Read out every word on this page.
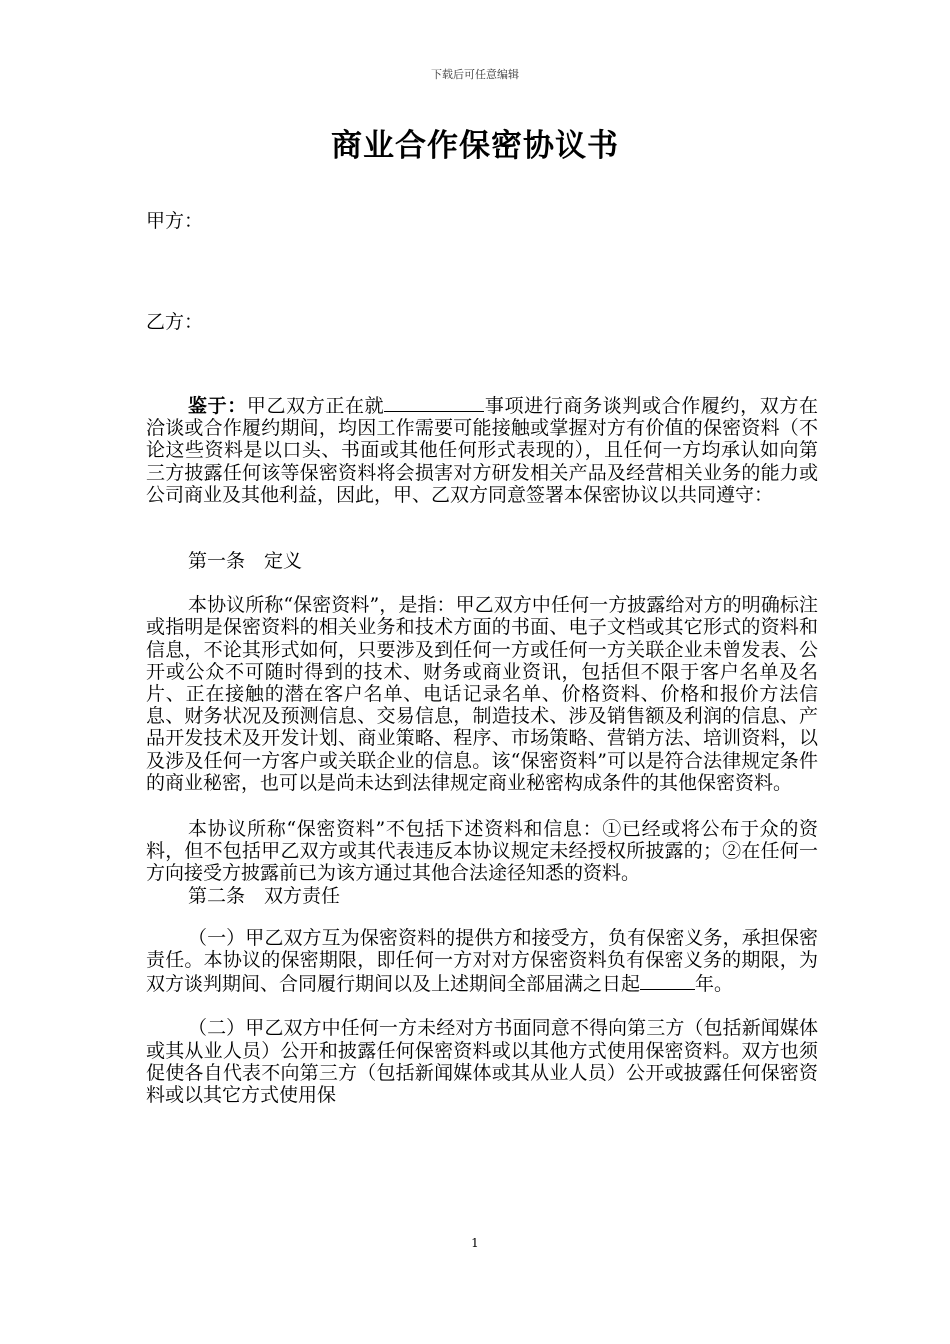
下载后可任意编辑
商业合作保密协议书
甲方：
乙方：

鉴于：甲乙双方正在就	事项进行商务谈判或合作履约，双方在洽谈或合作履约期间，均因工作需要可能接触或掌握对方有价值的保密资料（不论这些资料是以口头、书面或其他任何形式表现的），且任何一方均承认如向第三方披露任何该等保密资料将会损害对方研发相关产品及经营相关业务的能力或公司商业及其他利益，因此，甲、乙双方同意签署本保密协议以共同遵守：

第一条　定义

本协议所称“保密资料”，是指：甲乙双方中任何一方披露给对方的明确标注或指明是保密资料的相关业务和技术方面的书面、电子文档或其它形式的资料和信息，不论其形式如何，只要涉及到任何一方或任何一方关联企业未曾发表、公开或公众不可随时得到的技术、财务或商业资讯，包括但不限于客户名单及名片、正在接触的潜在客户名单、电话记录名单、价格资料、价格和报价方法信息、财务状况及预测信息、交易信息，制造技术、涉及销售额及利润的信息、产品开发技术及开发计划、商业策略、程序、市场策略、营销方法、培训资料，以及涉及任何一方客户或关联企业的信息。该“保密资料”可以是符合法律规定条件的商业秘密，也可以是尚未达到法律规定商业秘密构成条件的其他保密资料。

本协议所称“保密资料”不包括下述资料和信息：①已经或将公布于众的资料，但不包括甲乙双方或其代表违反本协议规定未经授权所披露的；②在任何一方向接受方披露前已为该方通过其他合法途径知悉的资料。

第二条　双方责任

（一）甲乙双方互为保密资料的提供方和接受方，负有保密义务，承担保密责任。本协议的保密期限，即任何一方对对方保密资料负有保密义务的期限，为双方谈判期间、合同履行期间以及上述期间全部届满之日起	年。

（二）甲乙双方中任何一方未经对方书面同意不得向第三方（包括新闻媒体或其从业人员）公开和披露任何保密资料或以其他方式使用保密资料。双方也须促使各自代表不向第三方（包括新闻媒体或其从业人员）公开或披露任何保密资料或以其它方式使用保

1
